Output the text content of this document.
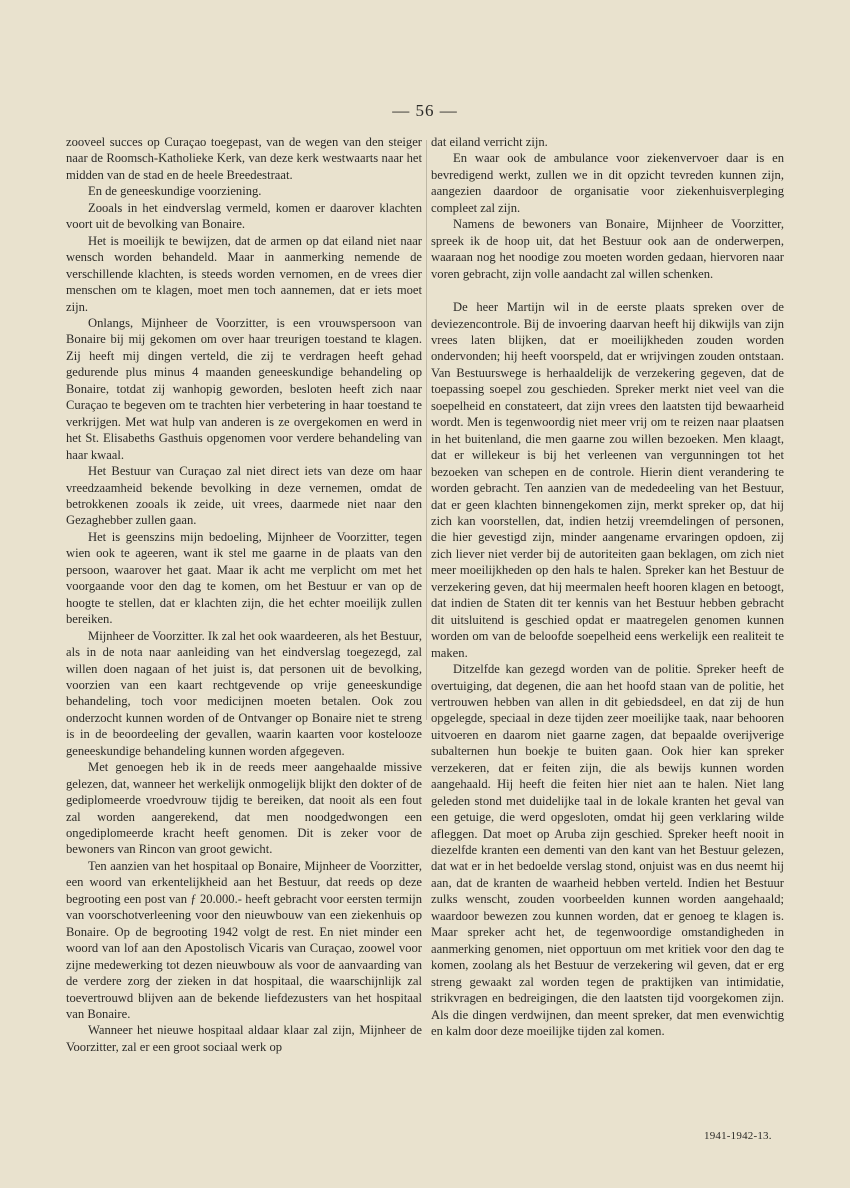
— 56 —

zooveel succes op Curaçao toegepast, van de wegen van den steiger naar de Roomsch-Katholieke Kerk, van deze kerk westwaarts naar het midden van de stad en de heele Breedestraat.

En de geneeskundige voorziening.

Zooals in het eindverslag vermeld, komen er daarover klachten voort uit de bevolking van Bonaire.

Het is moeilijk te bewijzen, dat de armen op dat eiland niet naar wensch worden behandeld. Maar in aanmerking nemende de verschillende klachten, is steeds worden vernomen, en de vrees dier menschen om te klagen, moet men toch aannemen, dat er iets moet zijn.

Onlangs, Mijnheer de Voorzitter, is een vrouwspersoon van Bonaire bij mij gekomen om over haar treurigen toestand te klagen. Zij heeft mij dingen verteld, die zij te verdragen heeft gehad gedurende plus minus 4 maanden geneeskundige behandeling op Bonaire, totdat zij wanhopig geworden, besloten heeft zich naar Curaçao te begeven om te trachten hier verbetering in haar toestand te verkrijgen. Met wat hulp van anderen is ze overgekomen en werd in het St. Elisabeths Gasthuis opgenomen voor verdere behandeling van haar kwaal.

Het Bestuur van Curaçao zal niet direct iets van deze om haar vreedzaamheid bekende bevolking in deze vernemen, omdat de betrokkenen zooals ik zeide, uit vrees, daarmede niet naar den Gezaghebber zullen gaan.

Het is geenszins mijn bedoeling, Mijnheer de Voorzitter, tegen wien ook te ageeren, want ik stel me gaarne in de plaats van den persoon, waarover het gaat. Maar ik acht me verplicht om met het voorgaande voor den dag te komen, om het Bestuur er van op de hoogte te stellen, dat er klachten zijn, die het echter moeilijk zullen bereiken.

Mijnheer de Voorzitter. Ik zal het ook waardeeren, als het Bestuur, als in de nota naar aanleiding van het eindverslag toegezegd, zal willen doen nagaan of het juist is, dat personen uit de bevolking, voorzien van een kaart rechtgevende op vrije geneeskundige behandeling, toch voor medicijnen moeten betalen. Ook zou onderzocht kunnen worden of de Ontvanger op Bonaire niet te streng is in de beoordeeling der gevallen, waarin kaarten voor kostelooze geneeskundige behandeling kunnen worden afgegeven.

Met genoegen heb ik in de reeds meer aangehaalde missive gelezen, dat, wanneer het werkelijk onmogelijk blijkt den dokter of de gediplomeerde vroedvrouw tijdig te bereiken, dat nooit als een fout zal worden aangerekend, dat men noodgedwongen een ongediplomeerde kracht heeft genomen. Dit is zeker voor de bewoners van Rincon van groot gewicht.

Ten aanzien van het hospitaal op Bonaire, Mijnheer de Voorzitter, een woord van erkentelijkheid aan het Bestuur, dat reeds op deze begrooting een post van ƒ 20.000.- heeft gebracht voor eersten termijn van voorschotverleening voor den nieuwbouw van een ziekenhuis op Bonaire. Op de begrooting 1942 volgt de rest. En niet minder een woord van lof aan den Apostolisch Vicaris van Curaçao, zoowel voor zijne medewerking tot dezen nieuwbouw als voor de aanvaarding van de verdere zorg der zieken in dat hospitaal, die waarschijnlijk zal toevertrouwd blijven aan de bekende liefdezusters van het hospitaal van Bonaire.

Wanneer het nieuwe hospitaal aldaar klaar zal zijn, Mijnheer de Voorzitter, zal er een groot sociaal werk op

dat eiland verricht zijn.

En waar ook de ambulance voor ziekenvervoer daar is en bevredigend werkt, zullen we in dit opzicht tevreden kunnen zijn, aangezien daardoor de organisatie voor ziekenhuisverpleging compleet zal zijn.

Namens de bewoners van Bonaire, Mijnheer de Voorzitter, spreek ik de hoop uit, dat het Bestuur ook aan de onderwerpen, waaraan nog het noodige zou moeten worden gedaan, hiervoren naar voren gebracht, zijn volle aandacht zal willen schenken.

De heer Martijn wil in de eerste plaats spreken over de deviezencontrole. Bij de invoering daarvan heeft hij dikwijls van zijn vrees laten blijken, dat er moeilijkheden zouden worden ondervonden; hij heeft voorspeld, dat er wrijvingen zouden ontstaan. Van Bestuurswege is herhaaldelijk de verzekering gegeven, dat de toepassing soepel zou geschieden. Spreker merkt niet veel van die soepelheid en constateert, dat zijn vrees den laatsten tijd bewaarheid wordt. Men is tegenwoordig niet meer vrij om te reizen naar plaatsen in het buitenland, die men gaarne zou willen bezoeken. Men klaagt, dat er willekeur is bij het verleenen van vergunningen tot het bezoeken van schepen en de controle. Hierin dient verandering te worden gebracht. Ten aanzien van de mededeeling van het Bestuur, dat er geen klachten binnengekomen zijn, merkt spreker op, dat hij zich kan voorstellen, dat, indien hetzij vreemdelingen of personen, die hier gevestigd zijn, minder aangename ervaringen opdoen, zij zich liever niet verder bij de autoriteiten gaan beklagen, om zich niet meer moeilijkheden op den hals te halen. Spreker kan het Bestuur de verzekering geven, dat hij meermalen heeft hooren klagen en betoogt, dat indien de Staten dit ter kennis van het Bestuur hebben gebracht dit uitsluitend is geschied opdat er maatregelen genomen kunnen worden om van de beloofde soepelheid eens werkelijk een realiteit te maken.

Ditzelfde kan gezegd worden van de politie. Spreker heeft de overtuiging, dat degenen, die aan het hoofd staan van de politie, het vertrouwen hebben van allen in dit gebiedsdeel, en dat zij de hun opgelegde, speciaal in deze tijden zeer moeilijke taak, naar behooren uitvoeren en daarom niet gaarne zagen, dat bepaalde overijverige subalternen hun boekje te buiten gaan. Ook hier kan spreker verzekeren, dat er feiten zijn, die als bewijs kunnen worden aangehaald. Hij heeft die feiten hier niet aan te halen. Niet lang geleden stond met duidelijke taal in de lokale kranten het geval van een getuige, die werd opgesloten, omdat hij geen verklaring wilde afleggen. Dat moet op Aruba zijn geschied. Spreker heeft nooit in diezelfde kranten een dementi van den kant van het Bestuur gelezen, dat wat er in het bedoelde verslag stond, onjuist was en dus neemt hij aan, dat de kranten de waarheid hebben verteld. Indien het Bestuur zulks wenscht, zouden voorbeelden kunnen worden aangehaald; waardoor bewezen zou kunnen worden, dat er genoeg te klagen is. Maar spreker acht het, de tegenwoordige omstandigheden in aanmerking genomen, niet opportuun om met kritiek voor den dag te komen, zoolang als het Bestuur de verzekering wil geven, dat er erg streng gewaakt zal worden tegen de praktijken van intimidatie, strikvragen en bedreigingen, die den laatsten tijd voorgekomen zijn. Als die dingen verdwijnen, dan meent spreker, dat men evenwichtig en kalm door deze moeilijke tijden zal komen.

1941-1942-13.
